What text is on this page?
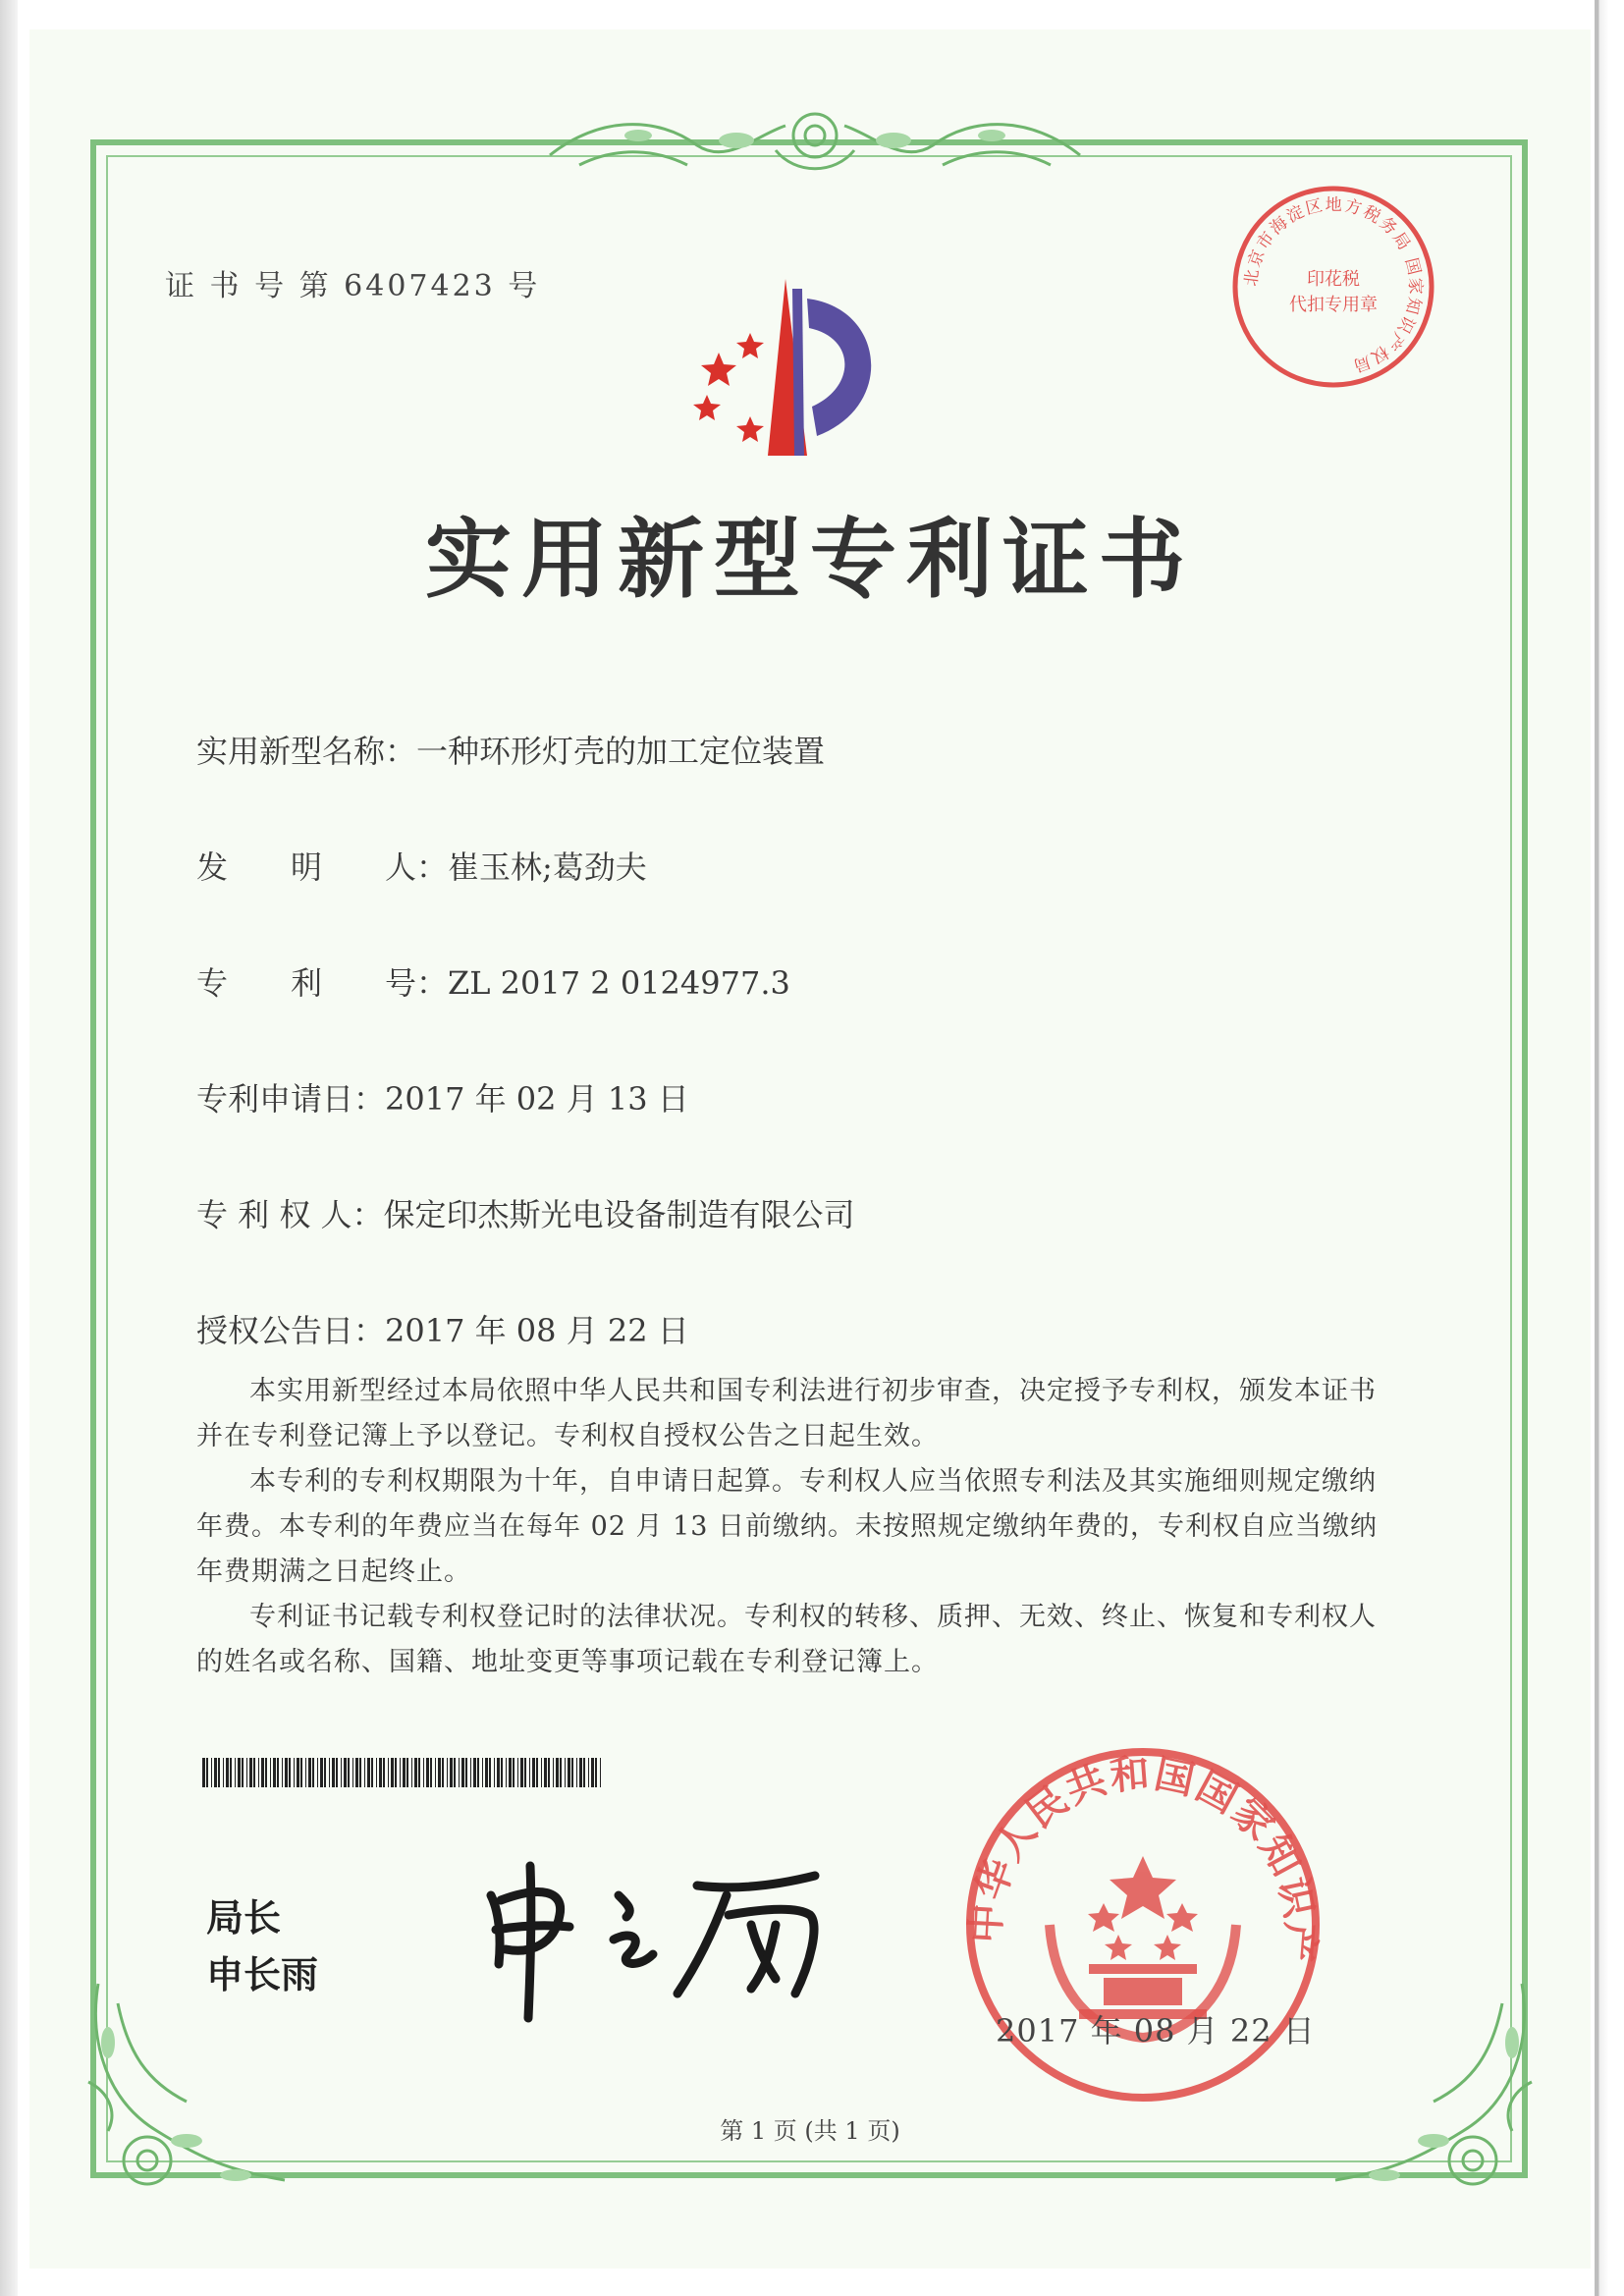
证 书 号 第 6407423 号	北京市海淀区地方税务局 国家知识产权局
印花税
代扣专用章
实用新型专利证书
实用新型名称：一种环形灯壳的加工定位装置
发　　明　　人：崔玉林;葛劲夫
专　　利　　号：ZL 2017 2 0124977.3
专利申请日：2017 年 02 月 13 日
专 利 权 人：保定印杰斯光电设备制造有限公司
授权公告日：2017 年 08 月 22 日

本实用新型经过本局依照中华人民共和国专利法进行初步审查，决定授予专利权，颁发本证书并在专利登记簿上予以登记。专利权自授权公告之日起生效。

本专利的专利权期限为十年，自申请日起算。专利权人应当依照专利法及其实施细则规定缴纳年费。本专利的年费应当在每年 02 月 13 日前缴纳。未按照规定缴纳年费的，专利权自应当缴纳年费期满之日起终止。

专利证书记载专利权登记时的法律状况。专利权的转移、质押、无效、终止、恢复和专利权人的姓名或名称、国籍、地址变更等事项记载在专利登记簿上。

局长
申长雨
中华人民共和国国家知识产
2017 年 08 月 22 日
第 1 页 (共 1 页)
